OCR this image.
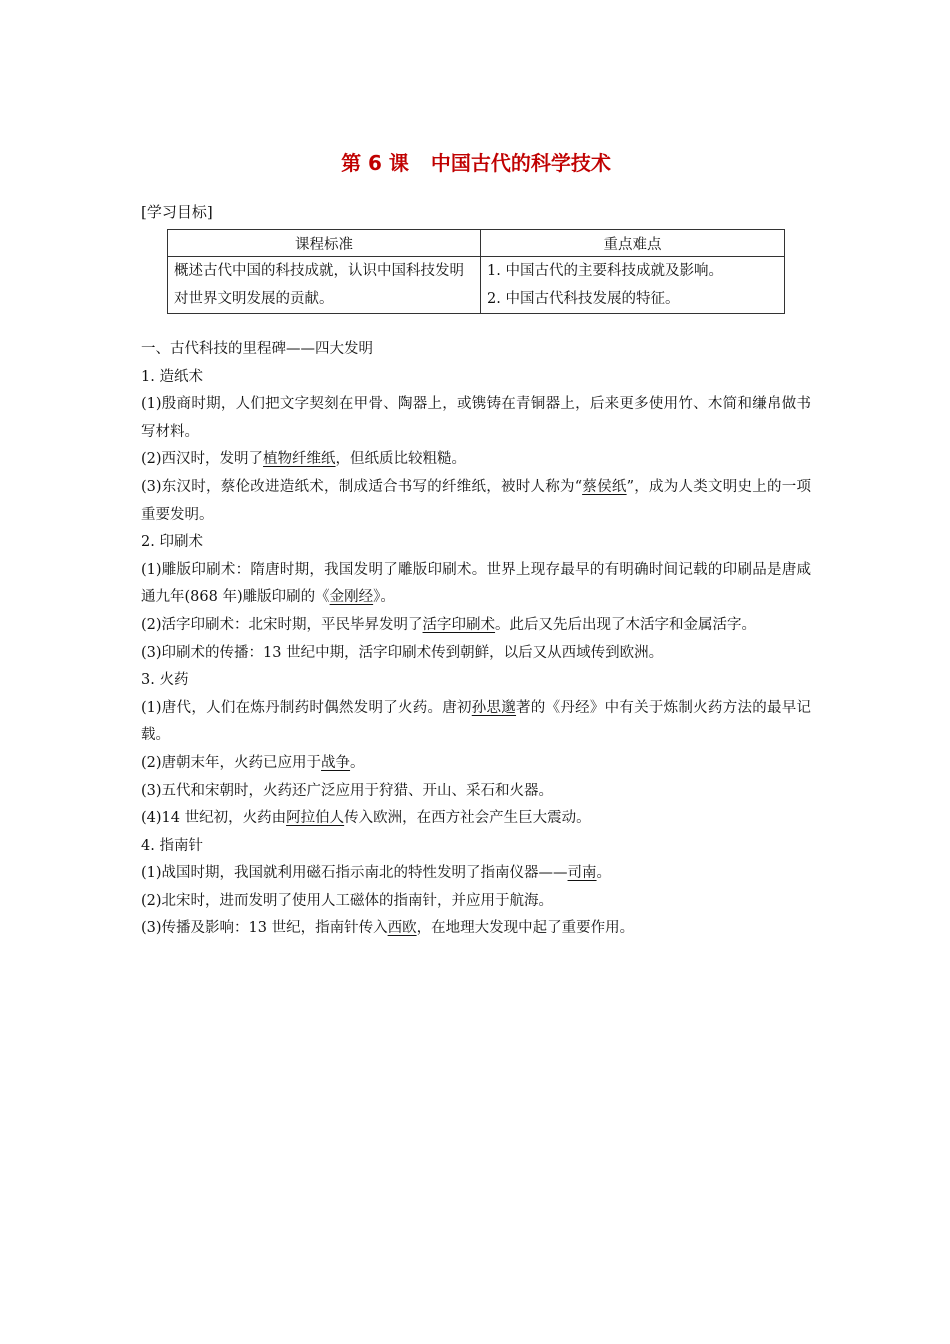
第 6 课 中国古代的科学技术
[学习目标]
课程标准	重点难点
概述古代中国的科技成就，认识中国科技发明对世界文明发展的贡献。	1. 中国古代的主要科技成就及影响。
2. 中国古代科技发展的特征。
一、古代科技的里程碑——四大发明
1. 造纸术
(1)殷商时期，人们把文字契刻在甲骨、陶器上，或镌铸在青铜器上，后来更多使用竹、木简和缣帛做书写材料。
(2)西汉时，发明了植物纤维纸，但纸质比较粗糙。
(3)东汉时，蔡伦改进造纸术，制成适合书写的纤维纸，被时人称为“蔡侯纸”，成为人类文明史上的一项重要发明。
2. 印刷术
(1)雕版印刷术：隋唐时期，我国发明了雕版印刷术。世界上现存最早的有明确时间记载的印刷品是唐咸通九年(868 年)雕版印刷的《金刚经》。
(2)活字印刷术：北宋时期，平民毕昇发明了活字印刷术。此后又先后出现了木活字和金属活字。
(3)印刷术的传播：13 世纪中期，活字印刷术传到朝鲜，以后又从西域传到欧洲。
3. 火药
(1)唐代，人们在炼丹制药时偶然发明了火药。唐初孙思邈著的《丹经》中有关于炼制火药方法的最早记载。
(2)唐朝末年，火药已应用于战争。
(3)五代和宋朝时，火药还广泛应用于狩猎、开山、采石和火器。
(4)14 世纪初，火药由阿拉伯人传入欧洲，在西方社会产生巨大震动。
4. 指南针
(1)战国时期，我国就利用磁石指示南北的特性发明了指南仪器——司南。
(2)北宋时，进而发明了使用人工磁体的指南针，并应用于航海。
(3)传播及影响：13 世纪，指南针传入西欧，在地理大发现中起了重要作用。
